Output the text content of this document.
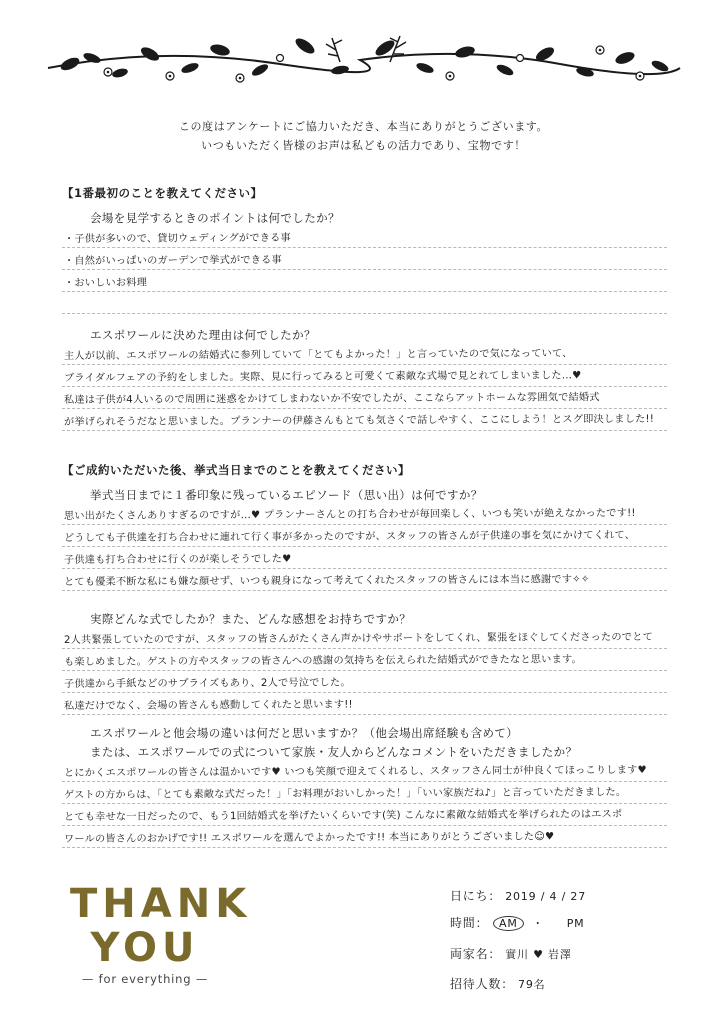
この度はアンケートにご協力いただき、本当にありがとうございます。
いつもいただく皆様のお声は私どもの活力であり、宝物です！
【1番最初のことを教えてください】
会場を見学するときのポイントは何でしたか？
・子供が多いので、貸切ウェディングができる事
・自然がいっぱいのガーデンで挙式ができる事
・おいしいお料理
エスポワールに決めた理由は何でしたか？
主人が以前、エスポワールの結婚式に参列していて「とてもよかった！」と言っていたので気になっていて、
ブライダルフェアの予約をしました。実際、見に行ってみると可愛くて素敵な式場で見とれてしまいました…♥
私達は子供が4人いるので周囲に迷惑をかけてしまわないか不安でしたが、ここならアットホームな雰囲気で結婚式
が挙げられそうだなと思いました。プランナーの伊藤さんもとても気さくで話しやすく、ここにしよう！とスグ即決しました!!
【ご成約いただいた後、挙式当日までのことを教えてください】
挙式当日までに１番印象に残っているエピソード（思い出）は何ですか？
思い出がたくさんありすぎるのですが…♥ プランナーさんとの打ち合わせが毎回楽しく、いつも笑いが絶えなかったです!!
どうしても子供達を打ち合わせに連れて行く事が多かったのですが、スタッフの皆さんが子供達の事を気にかけてくれて、
子供達も打ち合わせに行くのが楽しそうでした♥
とても優柔不断な私にも嫌な顔せず、いつも親身になって考えてくれたスタッフの皆さんには本当に感謝です✧✧
実際どんな式でしたか？また、どんな感想をお持ちですか？
2人共緊張していたのですが、スタッフの皆さんがたくさん声かけやサポートをしてくれ、緊張をほぐしてくださったのでとて
も楽しめました。ゲストの方やスタッフの皆さんへの感謝の気持ちを伝えられた結婚式ができたなと思います。
子供達から手紙などのサプライズもあり、2人で号泣でした。
私達だけでなく、会場の皆さんも感動してくれたと思います!!
エスポワールと他会場の違いは何だと思いますか？（他会場出席経験も含めて）
または、エスポワールでの式について家族・友人からどんなコメントをいただきましたか？
とにかくエスポワールの皆さんは温かいです♥ いつも笑顔で迎えてくれるし、スタッフさん同士が仲良くてほっこりします♥
ゲストの方からは、「とても素敵な式だった！」「お料理がおいしかった！」「いい家族だね♪」と言っていただきました。
とても幸せな一日だったので、もう1回結婚式を挙げたいくらいです(笑) こんなに素敵な結婚式を挙げられたのはエスポ
ワールの皆さんのおかげです!! エスポワールを選んでよかったです!! 本当にありがとうございました☺♥
THANK
YOU
— for everything —
日にち： 2019 / 4 / 27
時間： AM ・ PM
両家名： 實川 ♥ 岩澤
招待人数： 79名
